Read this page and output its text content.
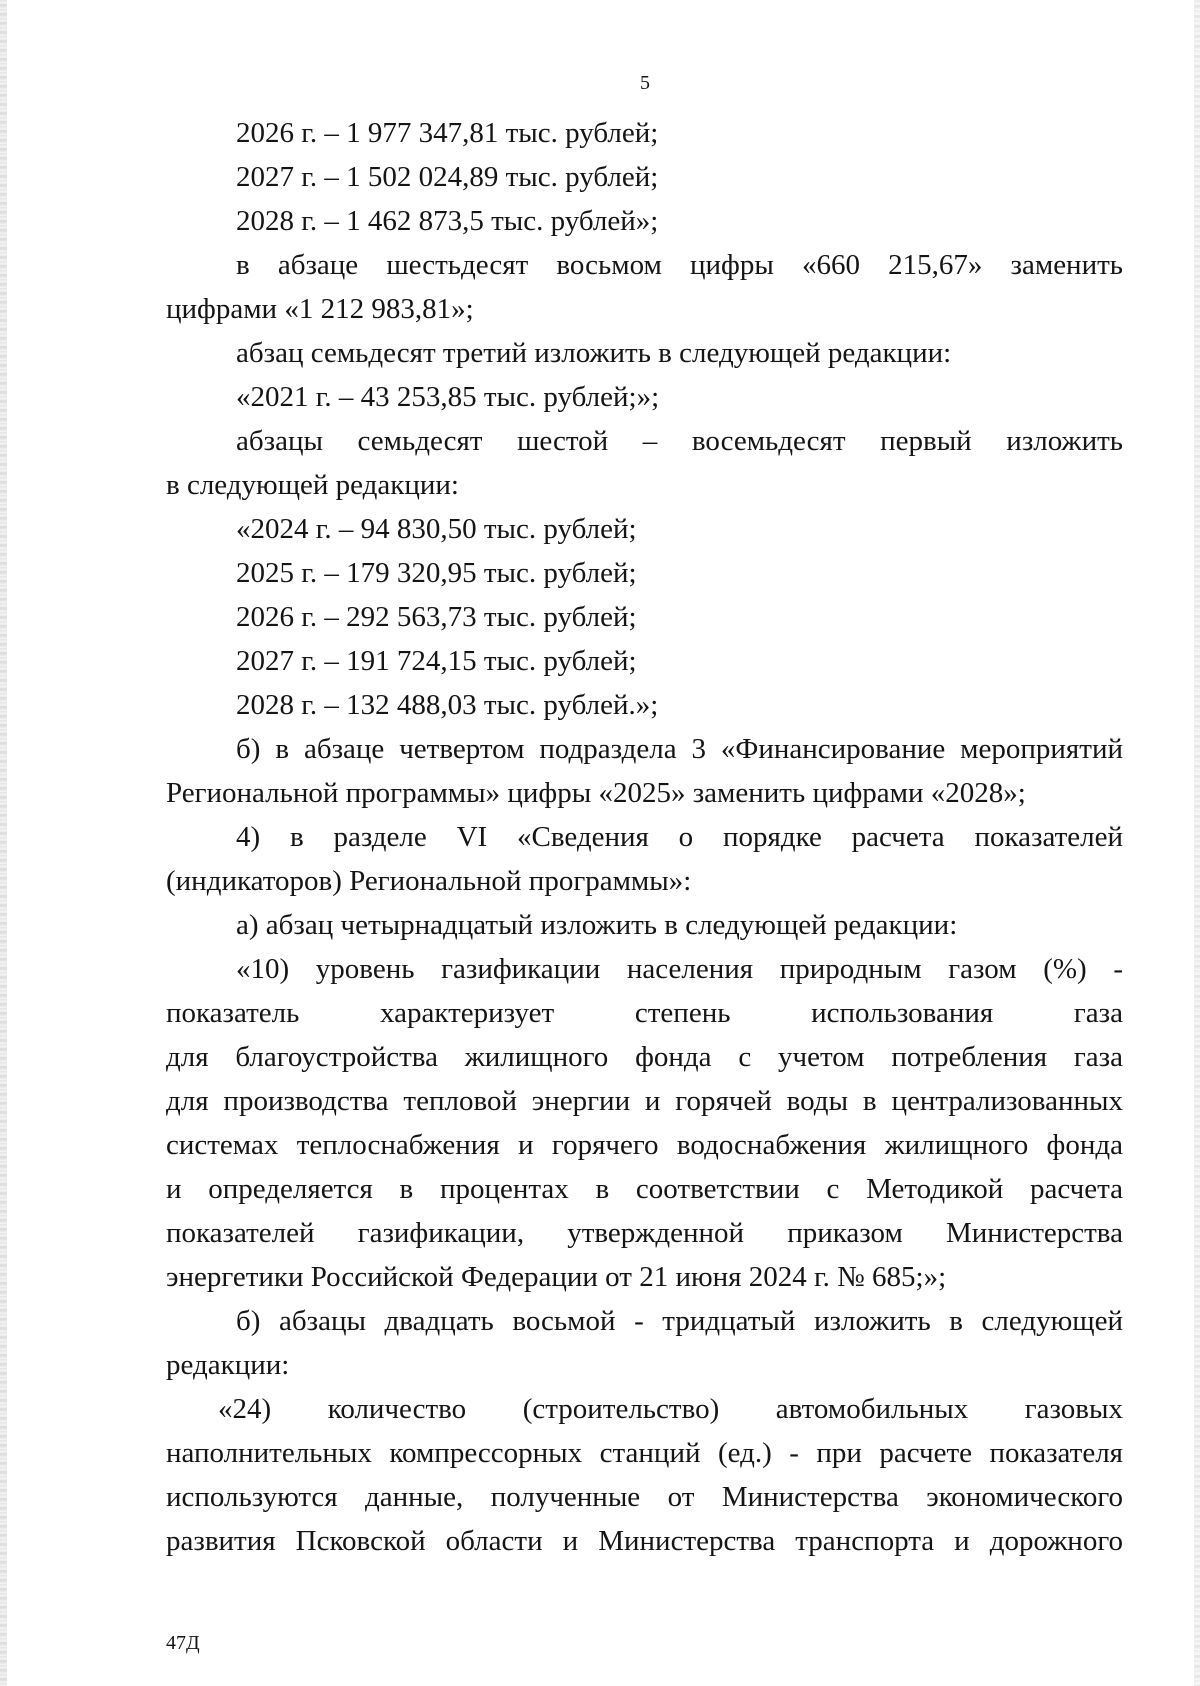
5
2026 г. – 1 977 347,81 тыс. рублей;
2027 г. – 1 502 024,89 тыс. рублей;
2028 г. – 1 462 873,5 тыс. рублей»;
в абзаце шестьдесят восьмом цифры «660 215,67» заменить
цифрами «1 212 983,81»;
абзац семьдесят третий изложить в следующей редакции:
«2021 г. – 43 253,85 тыс. рублей;»;
абзацы семьдесят шестой – восемьдесят первый изложить
в следующей редакции:
«2024 г. – 94 830,50 тыс. рублей;
2025 г. – 179 320,95 тыс. рублей;
2026 г. – 292 563,73 тыс. рублей;
2027 г. – 191 724,15 тыс. рублей;
2028 г. – 132 488,03 тыс. рублей.»;
б) в абзаце четвертом подраздела 3 «Финансирование мероприятий
Региональной программы» цифры «2025» заменить цифрами «2028»;
4) в разделе VI «Сведения о порядке расчета показателей
(индикаторов) Региональной программы»:
а) абзац четырнадцатый изложить в следующей редакции:
«10) уровень газификации населения природным газом (%) -
показатель характеризует степень использования газа
для благоустройства жилищного фонда с учетом потребления газа
для производства тепловой энергии и горячей воды в централизованных
системах теплоснабжения и горячего водоснабжения жилищного фонда
и определяется в процентах в соответствии с Методикой расчета
показателей газификации, утвержденной приказом Министерства
энергетики Российской Федерации от 21 июня 2024 г. № 685;»;
б) абзацы двадцать восьмой - тридцатый изложить в следующей
редакции:
«24) количество (строительство) автомобильных газовых
наполнительных компрессорных станций (ед.) - при расчете показателя
используются данные, полученные от Министерства экономического
развития Псковской области и Министерства транспорта и дорожного
47Д
